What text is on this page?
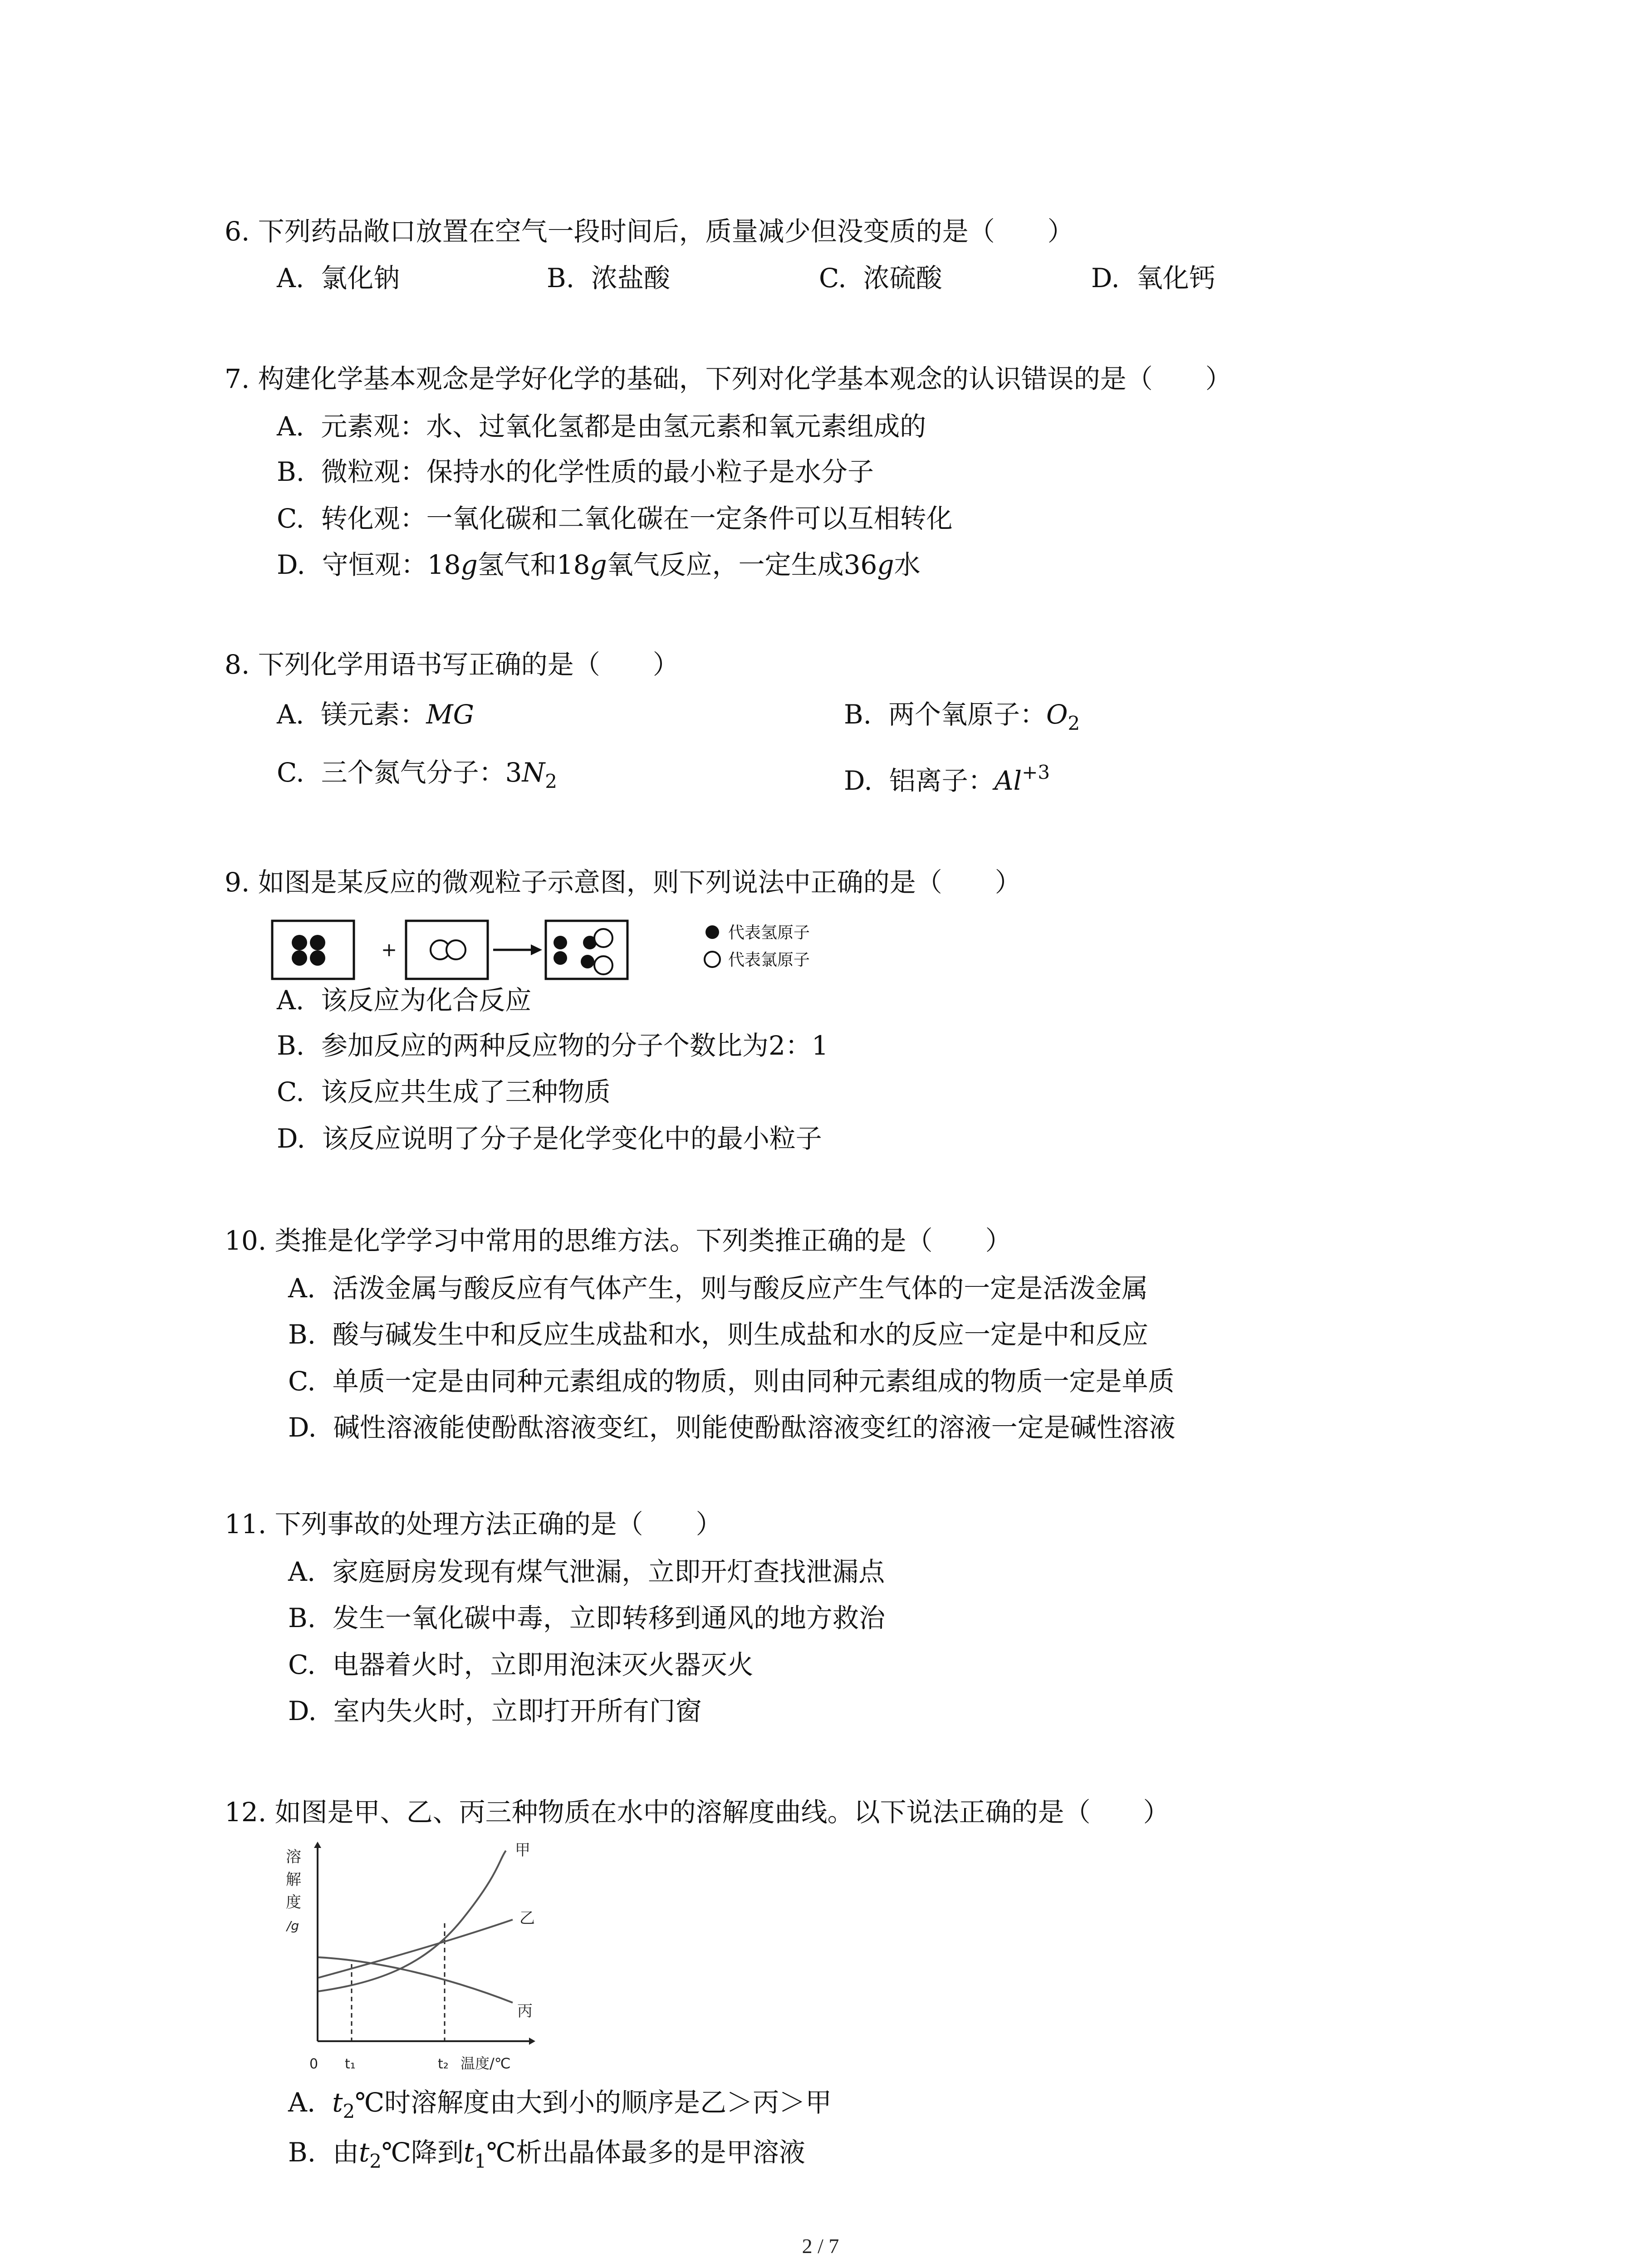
6. 下列药品敞口放置在空气一段时间后，质量减少但没变质的是（　　）
A. 氯化钠	B. 浓盐酸	C. 浓硫酸	D. 氧化钙
7. 构建化学基本观念是学好化学的基础，下列对化学基本观念的认识错误的是（　　）
A. 元素观：水、过氧化氢都是由氢元素和氧元素组成的
B. 微粒观：保持水的化学性质的最小粒子是水分子
C. 转化观：一氧化碳和二氧化碳在一定条件可以互相转化
D. 守恒观：18g氢气和18g氧气反应，一定生成36g水
8. 下列化学用语书写正确的是（　　）
A. 镁元素：MG	B. 两个氧原子：$O_2$
C. 三个氮气分子：$3N_2$	D. 铝离子：$Al^{+3}$
9. 如图是某反应的微观粒子示意图，则下列说法中正确的是（　　）
+
代表氢原子
代表氯原子
A. 该反应为化合反应
B. 参加反应的两种反应物的分子个数比为2：1
C. 该反应共生成了三种物质
D. 该反应说明了分子是化学变化中的最小粒子
10. 类推是化学学习中常用的思维方法。下列类推正确的是（　　）
A. 活泼金属与酸反应有气体产生，则与酸反应产生气体的一定是活泼金属
B. 酸与碱发生中和反应生成盐和水，则生成盐和水的反应一定是中和反应
C. 单质一定是由同种元素组成的物质，则由同种元素组成的物质一定是单质
D. 碱性溶液能使酚酞溶液变红，则能使酚酞溶液变红的溶液一定是碱性溶液
11. 下列事故的处理方法正确的是（　　）
A. 家庭厨房发现有煤气泄漏，立即开灯查找泄漏点
B. 发生一氧化碳中毒，立即转移到通风的地方救治
C. 电器着火时，立即用泡沫灭火器灭火
D. 室内失火时，立即打开所有门窗
12. 如图是甲、乙、丙三种物质在水中的溶解度曲线。以下说法正确的是（　　）
溶
解
度
/g
甲
乙
丙
0 t₁	t₂ 温度/℃
A. $t_2℃$时溶解度由大到小的顺序是乙＞丙＞甲
B. 由$t_2℃$降到$t_1℃$析出晶体最多的是甲溶液
2 / 7
